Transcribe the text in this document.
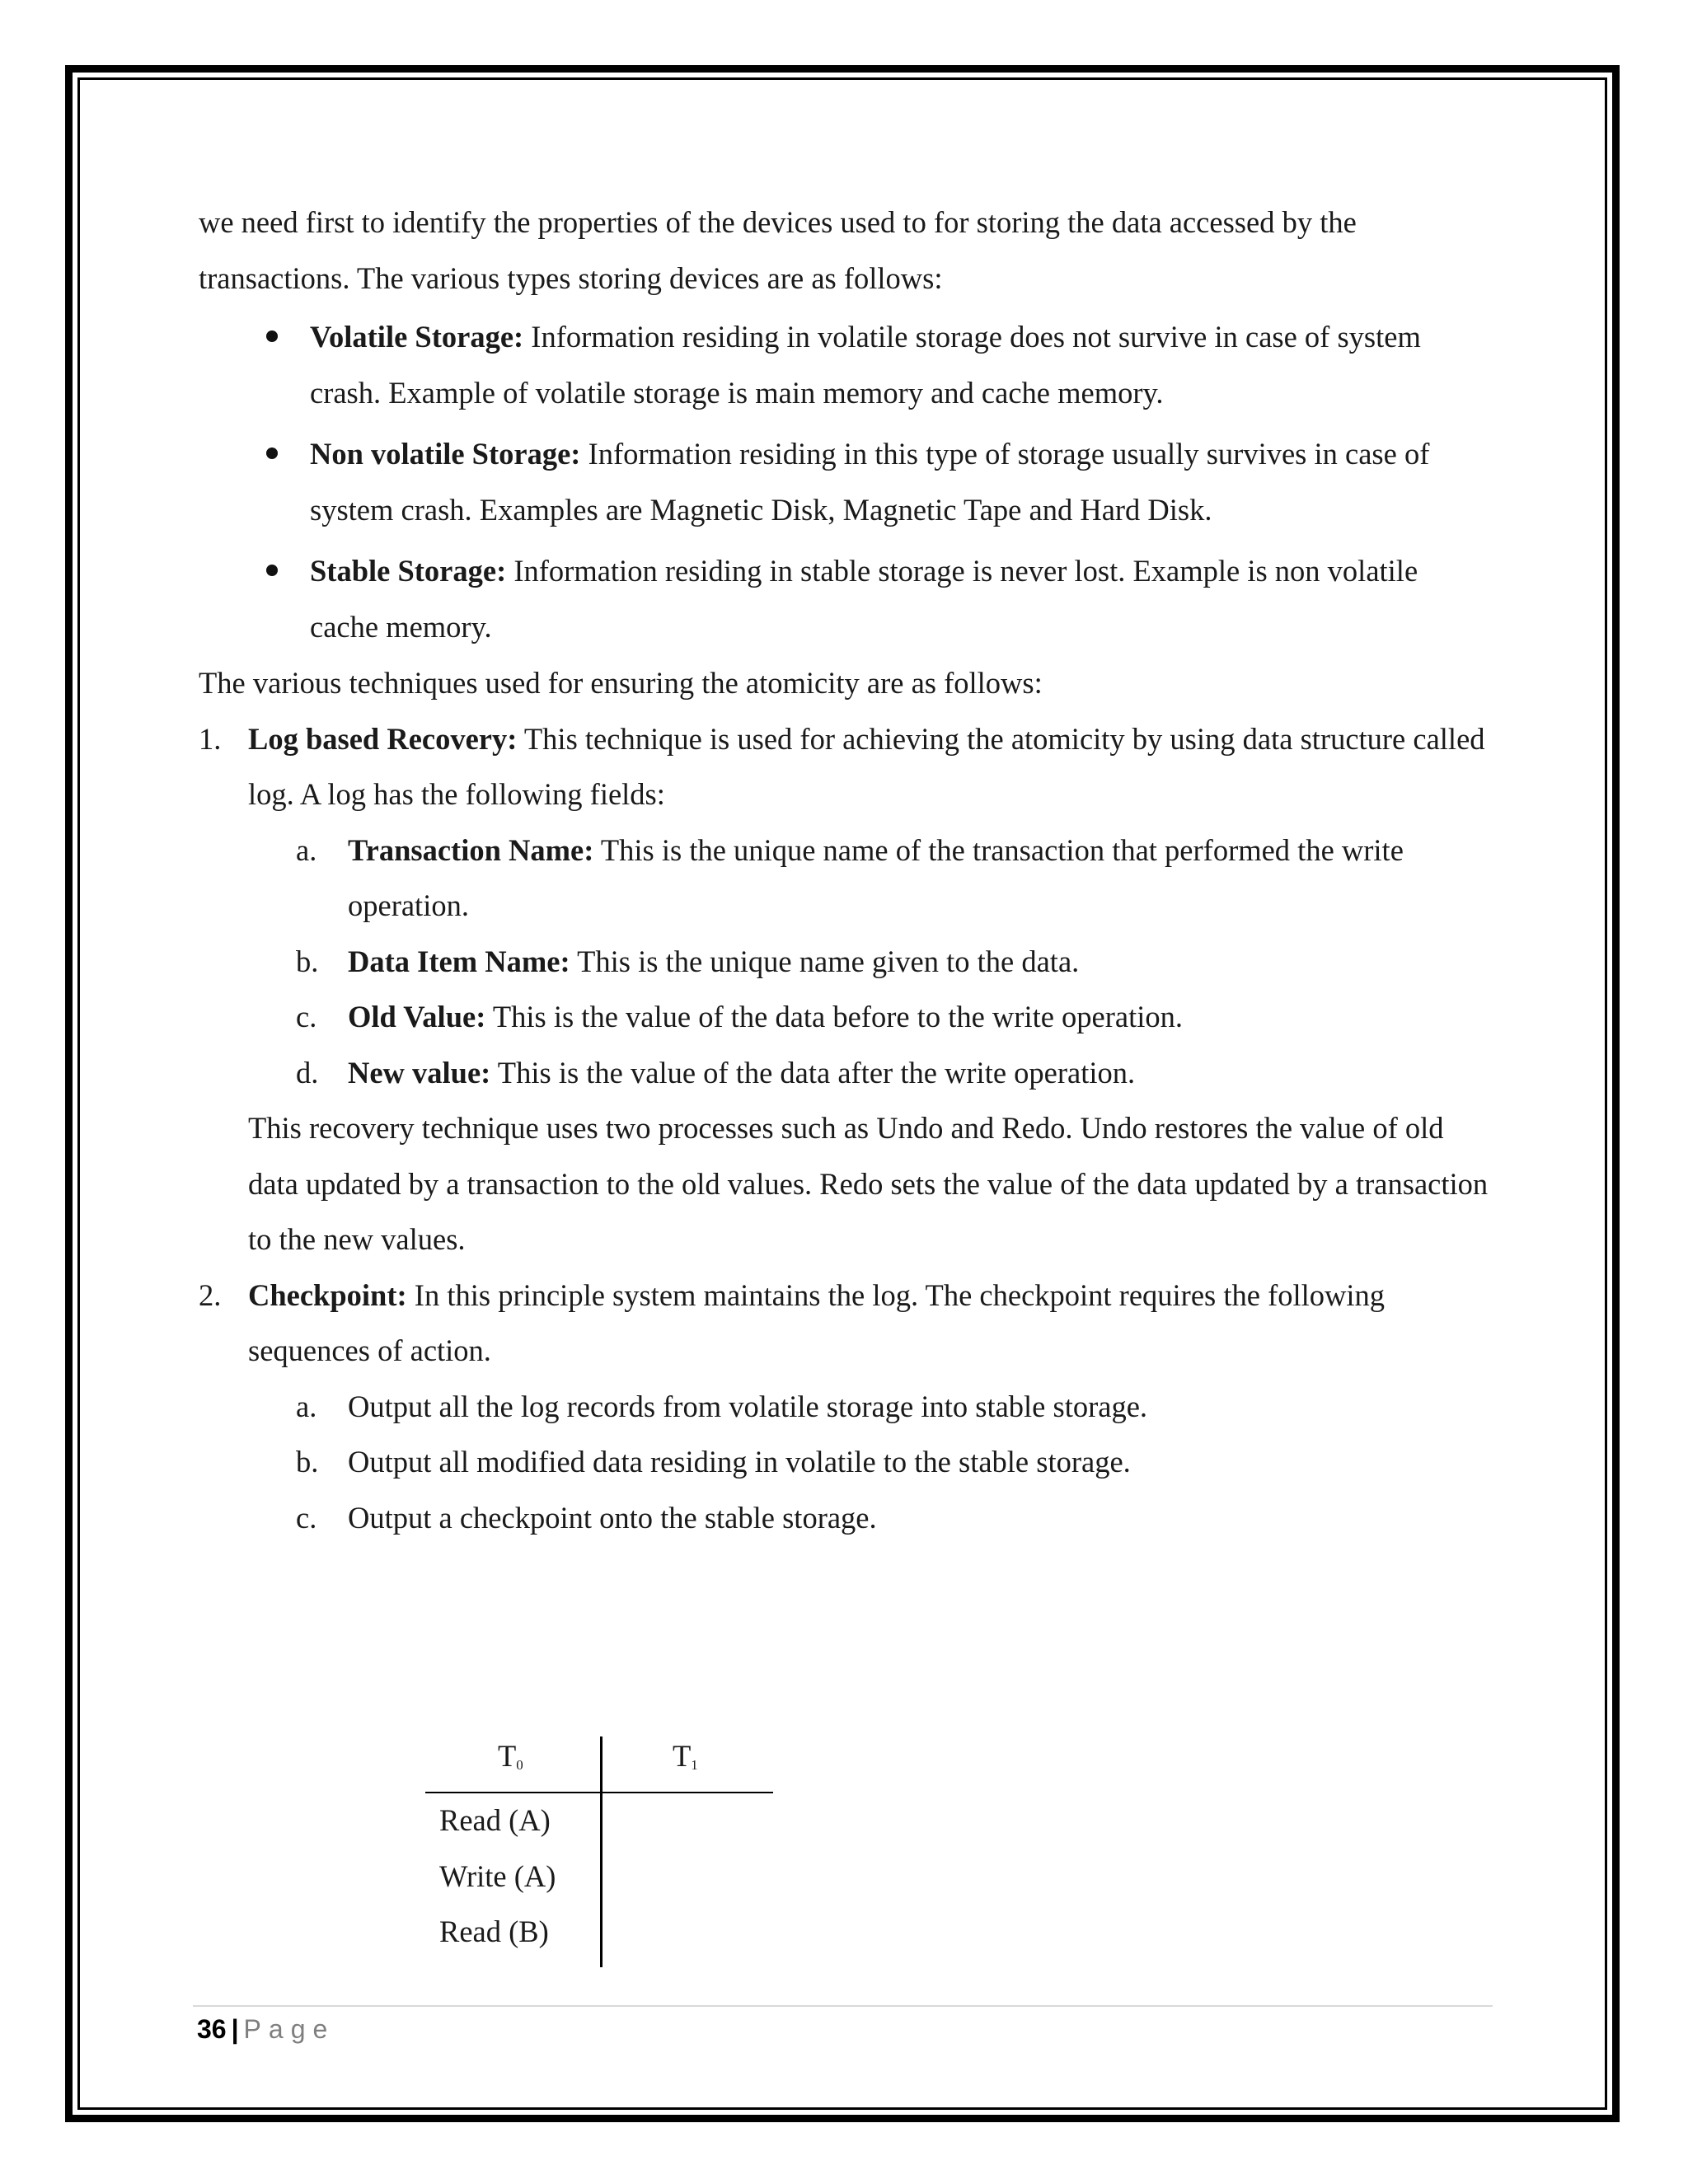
we need first to identify the properties of the devices used to for storing the data accessed by the

transactions. The various types storing devices are as follows:

Volatile Storage: Information residing in volatile storage does not survive in case of system crash. Example of volatile storage is main memory and cache memory.
Non volatile Storage: Information residing in this type of storage usually survives in case of system crash. Examples are Magnetic Disk, Magnetic Tape and Hard Disk.
Stable Storage: Information residing in stable storage is never lost. Example is non volatile cache memory.

The various techniques used for ensuring the atomicity are as follows:

1. Log based Recovery: This technique is used for achieving the atomicity by using data structure called log. A log has the following fields:
a. Transaction Name: This is the unique name of the transaction that performed the write operation.
b. Data Item Name: This is the unique name given to the data.
c. Old Value: This is the value of the data before to the write operation.
d. New value: This is the value of the data after the write operation.

This recovery technique uses two processes such as Undo and Redo. Undo restores the value of old data updated by a transaction to the old values. Redo sets the value of the data updated by a transaction to the new values.

2. Checkpoint: In this principle system maintains the log. The checkpoint requires the following sequences of action.
a. Output all the log records from volatile storage into stable storage.
b. Output all modified data residing in volatile to the stable storage.
c. Output a checkpoint onto the stable storage.
$T_0$	$T_1$
Read (A)
Write (A)
Read (B)
36 | Page
